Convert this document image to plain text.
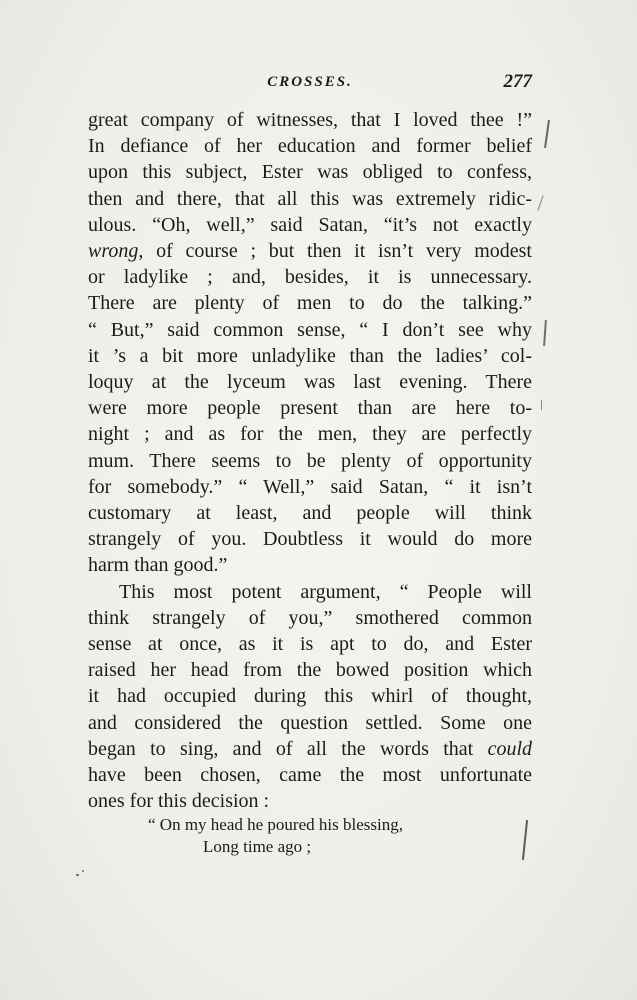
CROSSES.	277
great company of witnesses, that I loved thee !”
In defiance of her education and former belief
upon this subject, Ester was obliged to confess,
then and there, that all this was extremely ridic-
ulous. “Oh, well,” said Satan, “it’s not exactly
wrong, of course ; but then it isn’t very modest
or ladylike ; and, besides, it is unnecessary.
There are plenty of men to do the talking.”
“ But,” said common sense, “ I don’t see why
it ’s a bit more unladylike than the ladies’ col-
loquy at the lyceum was last evening. There
were more people present than are here to-
night ; and as for the men, they are perfectly
mum. There seems to be plenty of opportunity
for somebody.” “ Well,” said Satan, “ it isn’t
customary at least, and people will think
strangely of you. Doubtless it would do more
harm than good.”
This most potent argument, “ People will
think strangely of you,” smothered common
sense at once, as it is apt to do, and Ester
raised her head from the bowed position which
it had occupied during this whirl of thought,
and considered the question settled. Some one
began to sing, and of all the words that could
have been chosen, came the most unfortunate
ones for this decision :
“ On my head he poured his blessing,
Long time ago ;
